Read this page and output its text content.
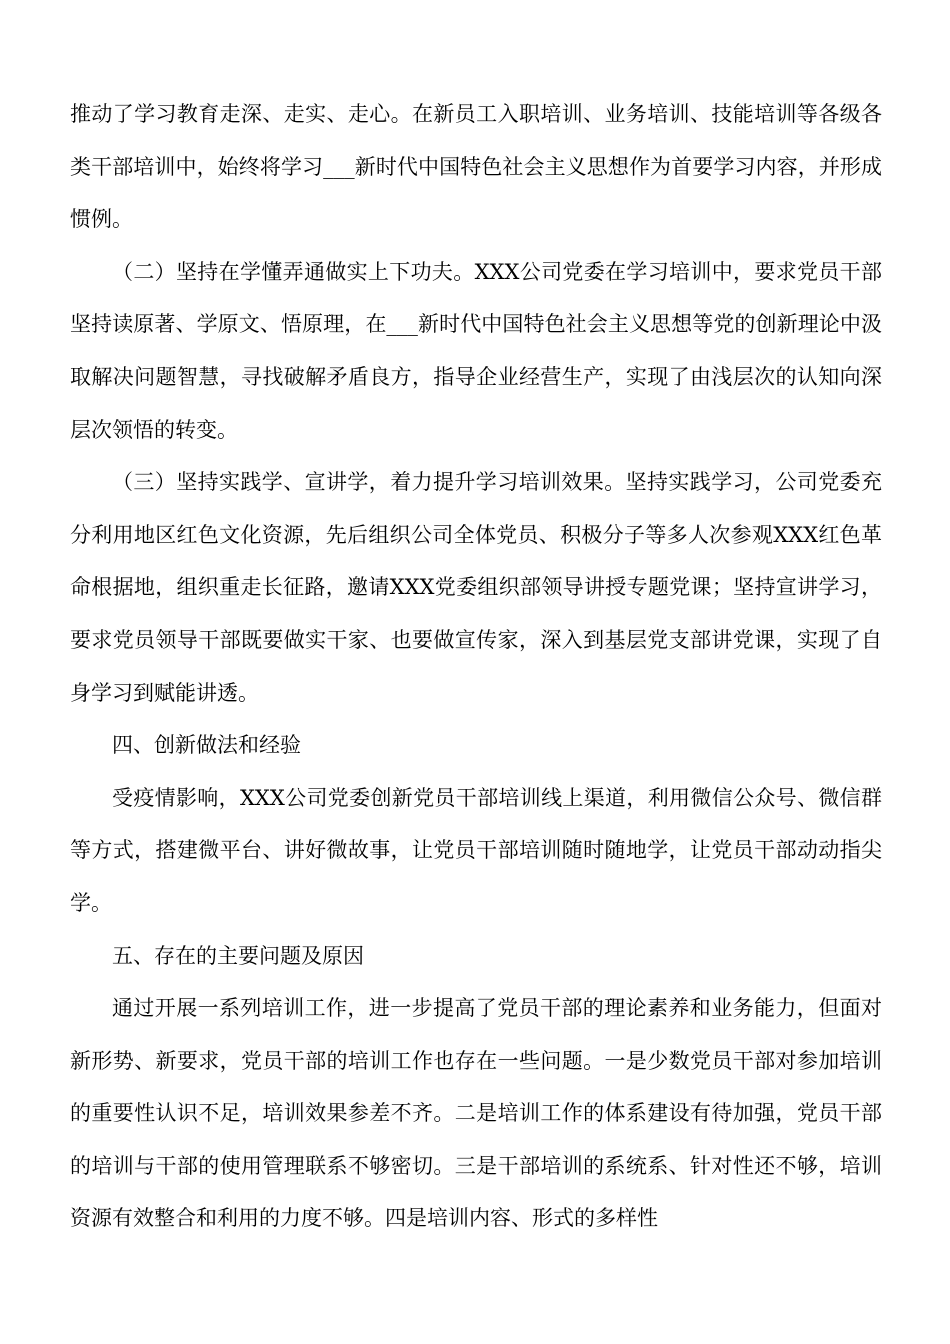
推动了学习教育走深、走实、走心。在新员工入职培训、业务培训、技能培训等各级各类干部培训中，始终将学习___新时代中国特色社会主义思想作为首要学习内容，并形成惯例。

（二）坚持在学懂弄通做实上下功夫。XXX公司党委在学习培训中，要求党员干部坚持读原著、学原文、悟原理，在___新时代中国特色社会主义思想等党的创新理论中汲取解决问题智慧，寻找破解矛盾良方，指导企业经营生产，实现了由浅层次的认知向深层次领悟的转变。

（三）坚持实践学、宣讲学，着力提升学习培训效果。坚持实践学习，公司党委充分利用地区红色文化资源，先后组织公司全体党员、积极分子等多人次参观XXX红色革命根据地，组织重走长征路，邀请XXX党委组织部领导讲授专题党课；坚持宣讲学习，要求党员领导干部既要做实干家、也要做宣传家，深入到基层党支部讲党课，实现了自身学习到赋能讲透。

四、创新做法和经验

受疫情影响，XXX公司党委创新党员干部培训线上渠道，利用微信公众号、微信群等方式，搭建微平台、讲好微故事，让党员干部培训随时随地学，让党员干部动动指尖学。

五、存在的主要问题及原因

通过开展一系列培训工作，进一步提高了党员干部的理论素养和业务能力，但面对新形势、新要求，党员干部的培训工作也存在一些问题。一是少数党员干部对参加培训的重要性认识不足，培训效果参差不齐。二是培训工作的体系建设有待加强，党员干部的培训与干部的使用管理联系不够密切。三是干部培训的系统系、针对性还不够，培训资源有效整合和利用的力度不够。四是培训内容、形式的多样性
